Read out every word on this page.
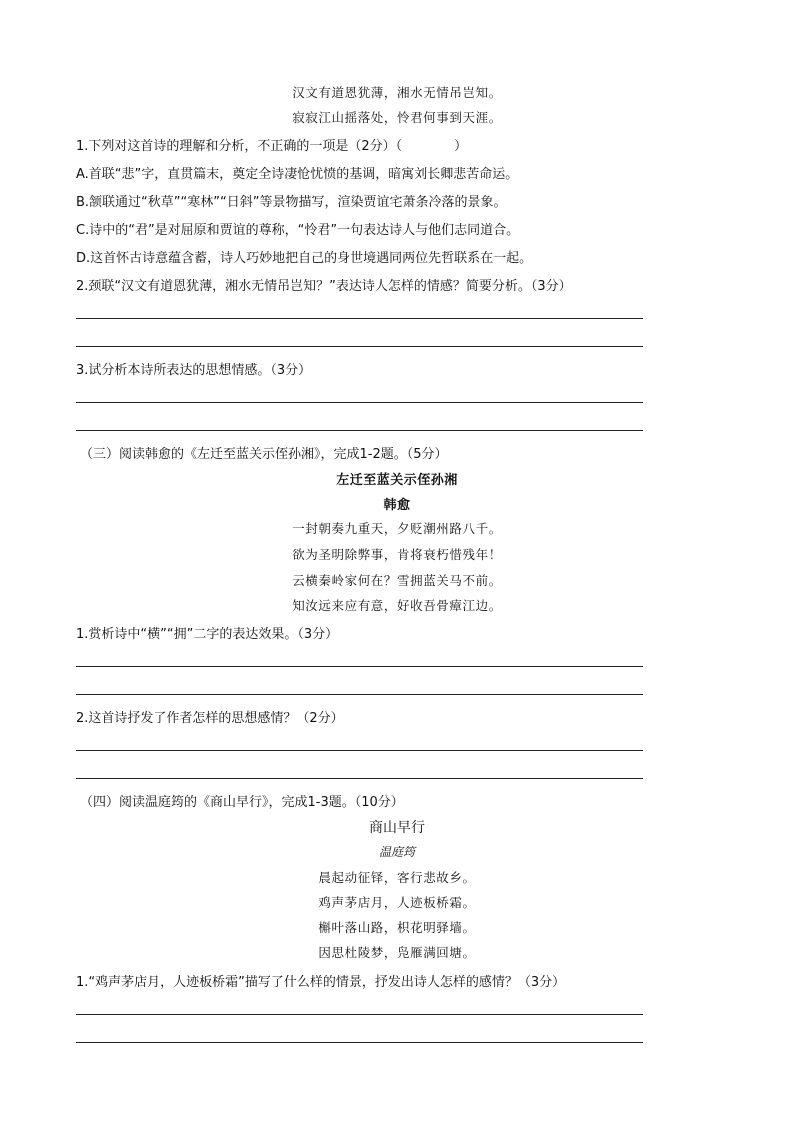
汉文有道恩犹薄，湘水无情吊岂知。
寂寂江山摇落处，怜君何事到天涯。
1.下列对这首诗的理解和分析，不正确的一项是（2分）（　　　　）
A.首联“悲”字，直贯篇末，奠定全诗凄怆忧愤的基调，暗寓刘长卿悲苦命运。
B.颔联通过“秋草”“寒林”“日斜”等景物描写，渲染贾谊宅萧条冷落的景象。
C.诗中的“君”是对屈原和贾谊的尊称，“怜君”一句表达诗人与他们志同道合。
D.这首怀古诗意蕴含蓄，诗人巧妙地把自己的身世境遇同两位先哲联系在一起。
2.颈联“汉文有道恩犹薄，湘水无情吊岂知？”表达诗人怎样的情感？简要分析。（3分）
3.试分析本诗所表达的思想情感。（3分）
（三）阅读韩愈的《左迁至蓝关示侄孙湘》，完成1-2题。（5分）
左迁至蓝关示侄孙湘
韩愈
一封朝奏九重天，夕贬潮州路八千。
欲为圣明除弊事，肯将衰朽惜残年！
云横秦岭家何在？雪拥蓝关马不前。
知汝远来应有意，好收吾骨瘴江边。
1.赏析诗中“横”“拥”二字的表达效果。（3分）
2.这首诗抒发了作者怎样的思想感情？（2分）
（四）阅读温庭筠的《商山早行》，完成1-3题。（10分）
商山早行
温庭筠
晨起动征铎，客行悲故乡。
鸡声茅店月，人迹板桥霜。
槲叶落山路，枳花明驿墙。
因思杜陵梦，凫雁满回塘。
1.“鸡声茅店月，人迹板桥霜”描写了什么样的情景，抒发出诗人怎样的感情？（3分）
